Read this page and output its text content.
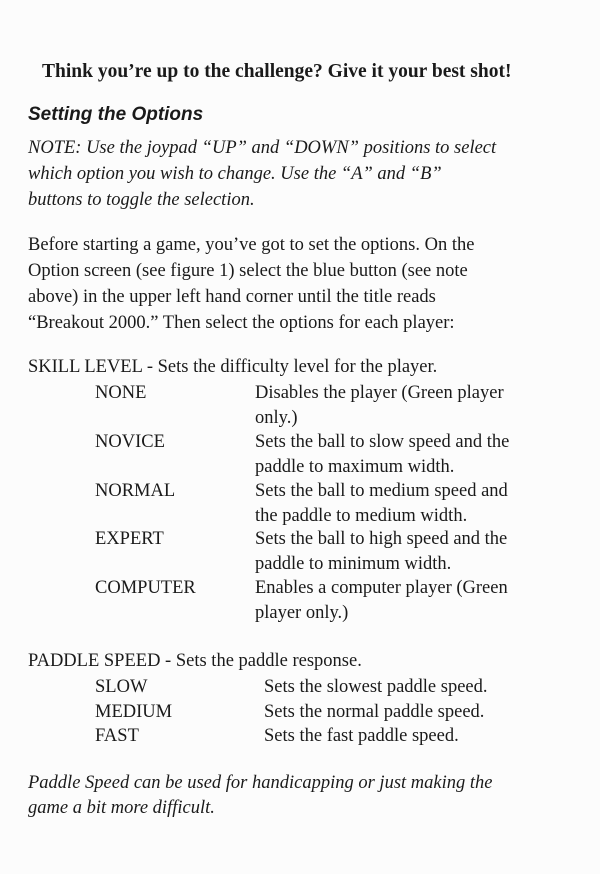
Think you’re up to the challenge? Give it your best shot!
Setting the Options
NOTE: Use the joypad “UP” and “DOWN” positions to select
which option you wish to change. Use the “A” and “B”
buttons to toggle the selection.
Before starting a game, you’ve got to set the options. On the
Option screen (see figure 1) select the blue button (see note
above) in the upper left hand corner until the title reads
“Breakout 2000.” Then select the options for each player:
SKILL LEVEL - Sets the difficulty level for the player.
NONE	Disables the player (Green player
only.)
NOVICE	Sets the ball to slow speed and the
paddle to maximum width.
NORMAL	Sets the ball to medium speed and
the paddle to medium width.
EXPERT	Sets the ball to high speed and the
paddle to minimum width.
COMPUTER	Enables a computer player (Green
player only.)
PADDLE SPEED - Sets the paddle response.
SLOW	Sets the slowest paddle speed.
MEDIUM	Sets the normal paddle speed.
FAST	Sets the fast paddle speed.
Paddle Speed can be used for handicapping or just making the
game a bit more difficult.
